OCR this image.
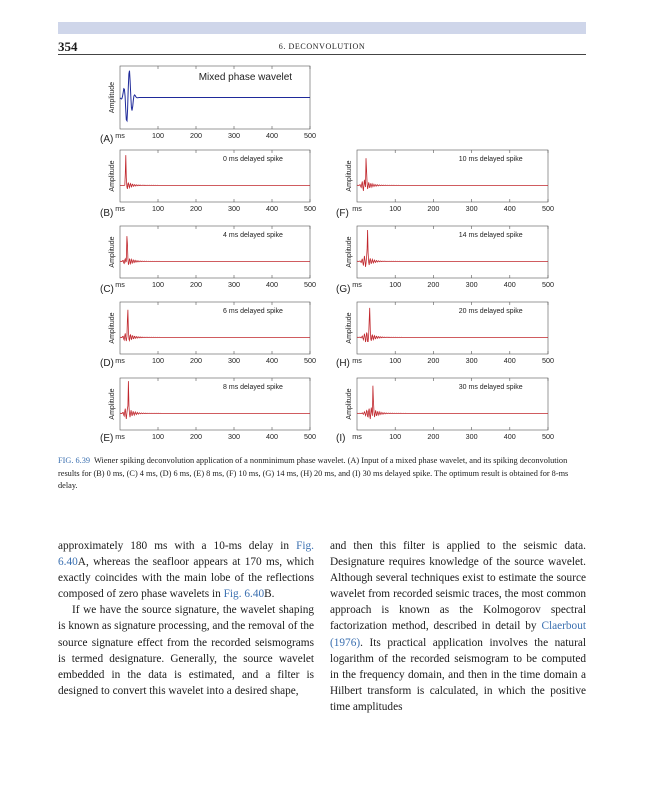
354	6. DECONVOLUTION
100	200	300	400	500
ms
Amplitude
Mixed phase wavelet
(A)
100	200	300	400	500
ms
Amplitude
0 ms delayed spike
(B)
100	200	300	400	500
ms
Amplitude
4 ms delayed spike
(C)
100	200	300	400	500
ms
Amplitude
6 ms delayed spike
(D)
100	200	300	400	500
ms
Amplitude
8 ms delayed spike
(E)
100	200	300	400	500
ms
Amplitude
10 ms delayed spike
(F)
100	200	300	400	500
ms
Amplitude
14 ms delayed spike
(G)
100	200	300	400	500
ms
Amplitude
20 ms delayed spike
(H)
100	200	300	400	500
ms
Amplitude
30 ms delayed spike
(I)
FIG. 6.39 Wiener spiking deconvolution application of a nonminimum phase wavelet. (A) Input of a mixed phase wavelet, and its spiking deconvolution results for (B) 0 ms, (C) 4 ms, (D) 6 ms, (E) 8 ms, (F) 10 ms, (G) 14 ms, (H) 20 ms, and (I) 30 ms delayed spike. The optimum result is obtained for 8-ms delay.

approximately 180 ms with a 10-ms delay in Fig. 6.40A, whereas the seafloor appears at 170 ms, which exactly coincides with the main lobe of the reflections composed of zero phase wavelets in Fig. 6.40B.

If we have the source signature, the wavelet shaping is known as signature processing, and the removal of the source signature effect from the recorded seismograms is termed designature. Generally, the source wavelet embedded in the data is estimated, and a filter is designed to convert this wavelet into a desired shape,

and then this filter is applied to the seismic data. Designature requires knowledge of the source wavelet. Although several techniques exist to estimate the source wavelet from recorded seismic traces, the most common approach is known as the Kolmogorov spectral factorization method, described in detail by Claerbout (1976). Its practical application involves the natural logarithm of the recorded seismogram to be computed in the frequency domain, and then in the time domain a Hilbert transform is calculated, in which the positive time amplitudes
